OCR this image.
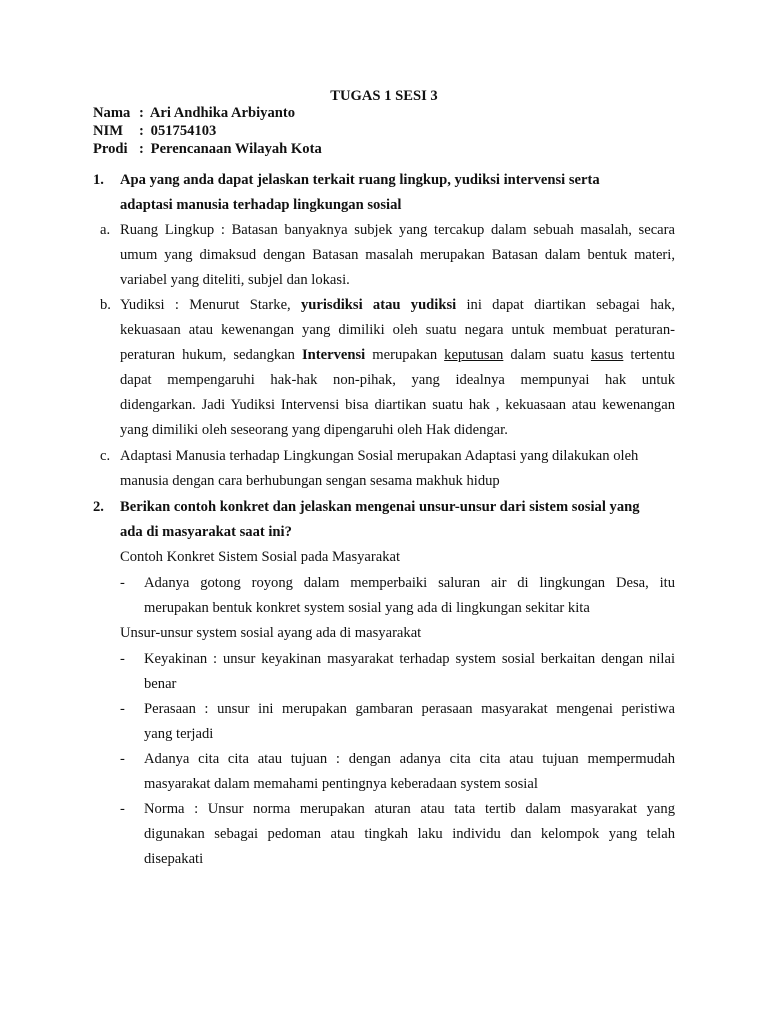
TUGAS 1 SESI 3
Nama : Ari Andhika Arbiyanto
NIM : 051754103
Prodi : Perencanaan Wilayah Kota
1. Apa yang anda dapat jelaskan terkait ruang lingkup, yudiksi intervensi serta
adaptasi manusia terhadap lingkungan sosial
a. Ruang Lingkup : Batasan banyaknya subjek yang tercakup dalam sebuah masalah, secara
umum yang dimaksud dengan Batasan masalah merupakan Batasan dalam bentuk materi,
variabel yang diteliti, subjel dan lokasi.
b. Yudiksi : Menurut Starke, yurisdiksi atau yudiksi ini dapat diartikan sebagai hak,
kekuasaan atau kewenangan yang dimiliki oleh suatu negara untuk membuat peraturan-
peraturan hukum, sedangkan Intervensi merupakan keputusan dalam suatu kasus tertentu
dapat mempengaruhi hak-hak non-pihak, yang idealnya mempunyai hak untuk
didengarkan. Jadi Yudiksi Intervensi bisa diartikan suatu hak , kekuasaan atau kewenangan
yang dimiliki oleh seseorang yang dipengaruhi oleh Hak didengar.
c. Adaptasi Manusia terhadap Lingkungan Sosial merupakan Adaptasi yang dilakukan oleh
manusia dengan cara berhubungan sengan sesama makhuk hidup
2. Berikan contoh konkret dan jelaskan mengenai unsur-unsur dari sistem sosial yang
ada di masyarakat saat ini?
Contoh Konkret Sistem Sosial pada Masyarakat
- Adanya gotong royong dalam memperbaiki saluran air di lingkungan Desa, itu
merupakan bentuk konkret system sosial yang ada di lingkungan sekitar kita
Unsur-unsur system sosial ayang ada di masyarakat
- Keyakinan : unsur keyakinan masyarakat terhadap system sosial berkaitan dengan nilai
benar
- Perasaan : unsur ini merupakan gambaran perasaan masyarakat mengenai peristiwa
yang terjadi
- Adanya cita cita atau tujuan : dengan adanya cita cita atau tujuan mempermudah
masyarakat dalam memahami pentingnya keberadaan system sosial
- Norma : Unsur norma merupakan aturan atau tata tertib dalam masyarakat yang
digunakan sebagai pedoman atau tingkah laku individu dan kelompok yang telah
disepakati
